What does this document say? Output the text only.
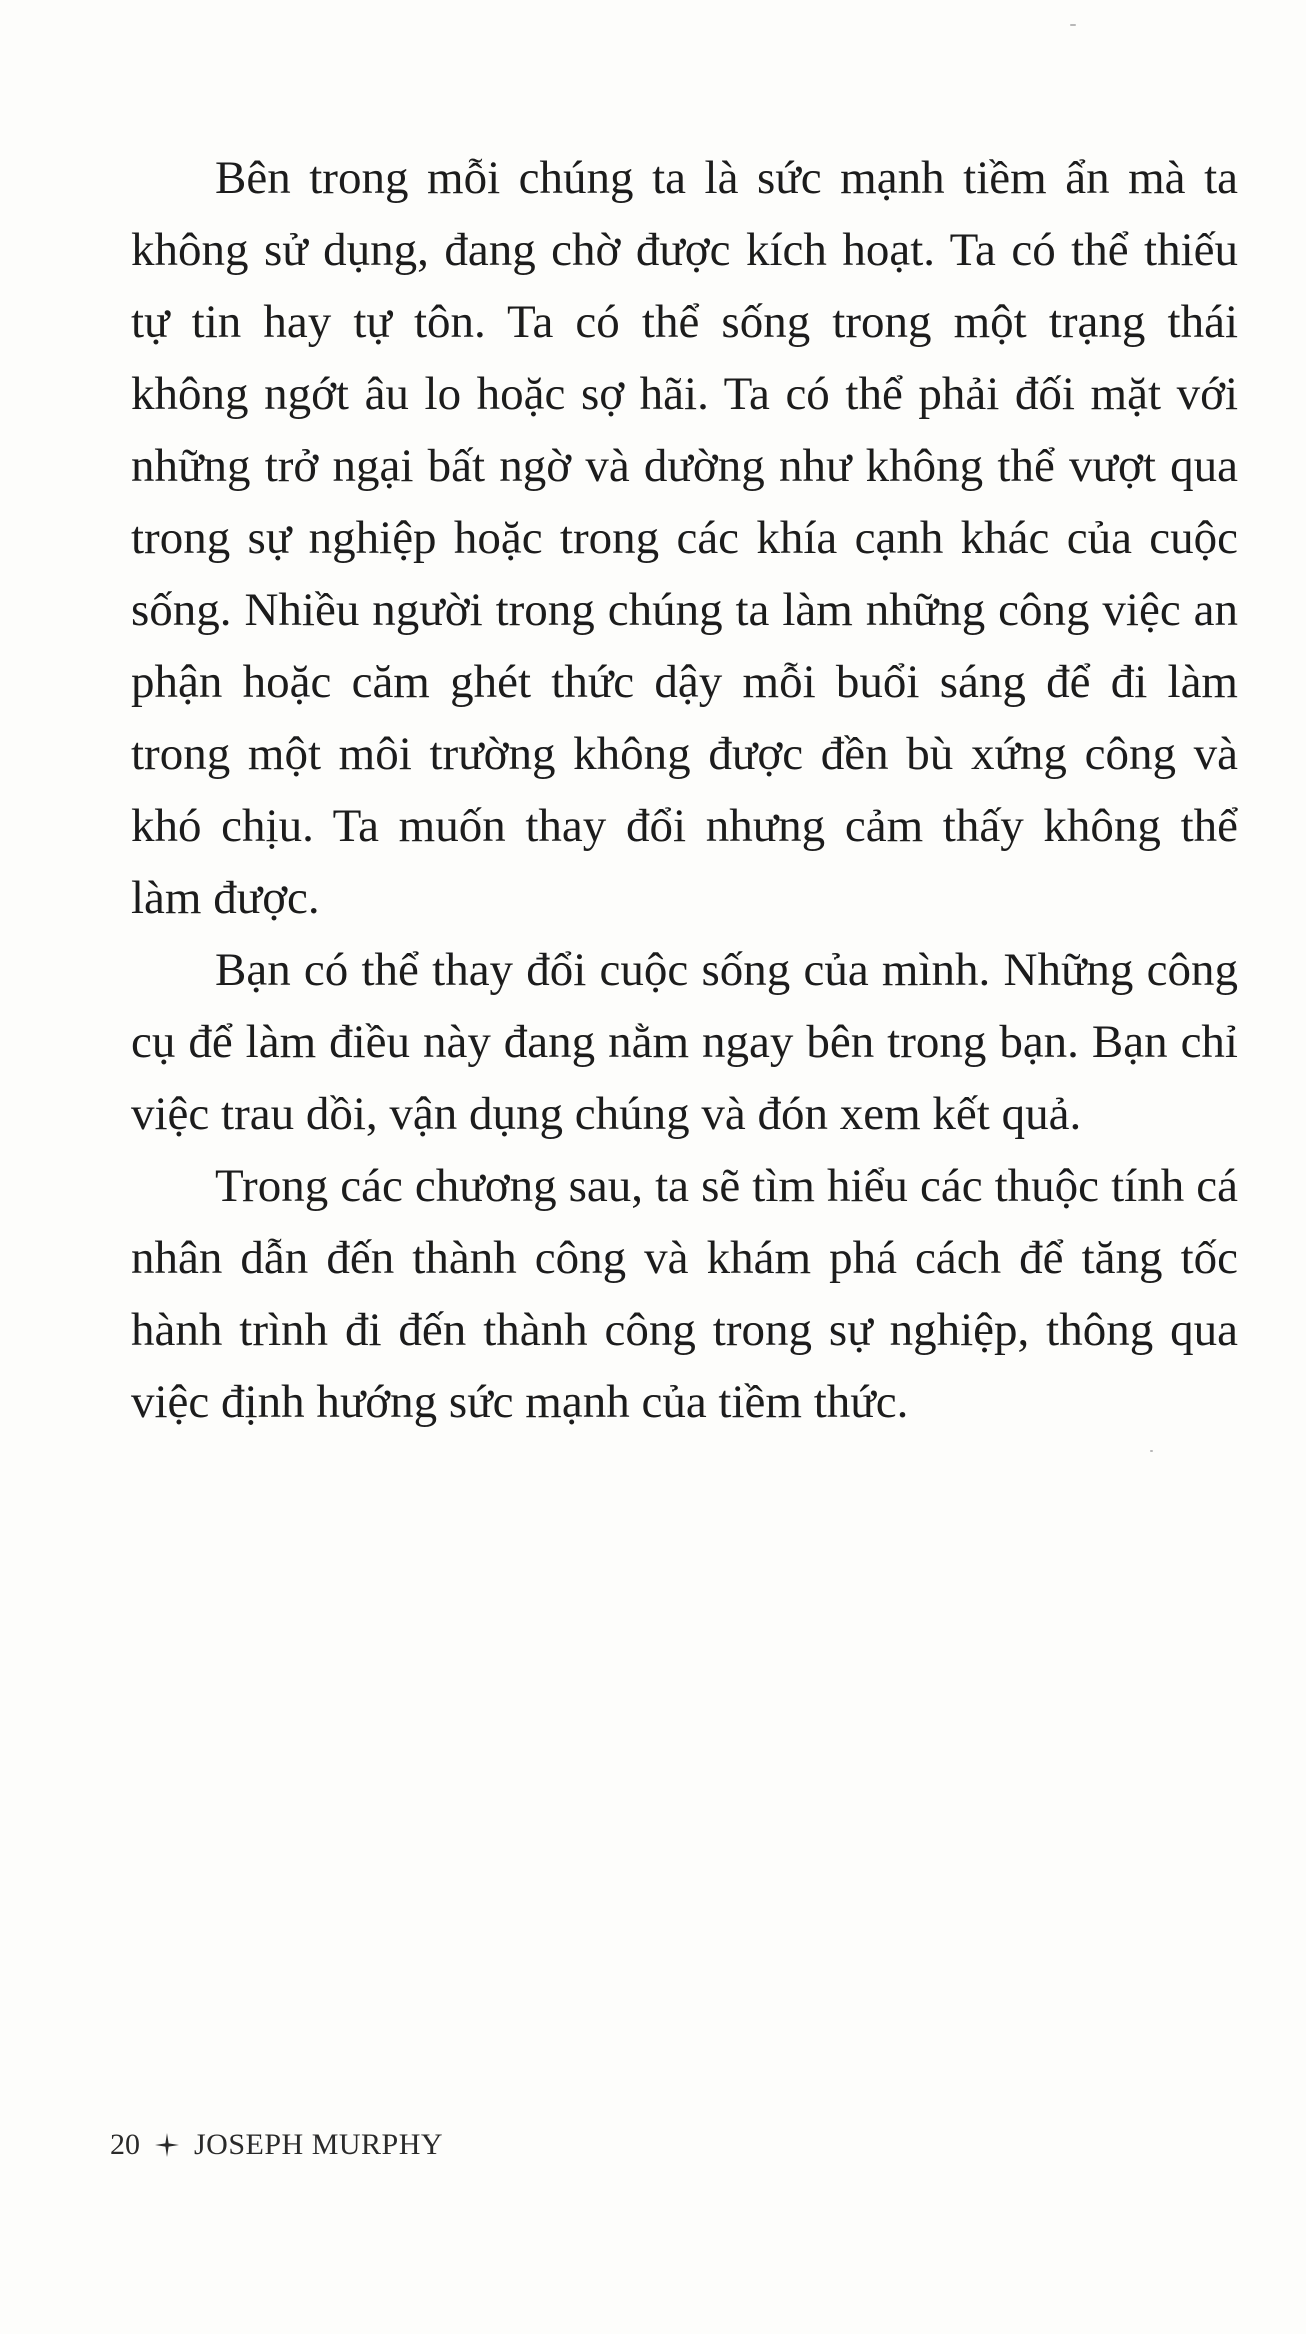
Bên trong mỗi chúng ta là sức mạnh tiềm ẩn mà ta không sử dụng, đang chờ được kích hoạt. Ta có thể thiếu tự tin hay tự tôn. Ta có thể sống trong một trạng thái không ngớt âu lo hoặc sợ hãi. Ta có thể phải đối mặt với những trở ngại bất ngờ và dường như không thể vượt qua trong sự nghiệp hoặc trong các khía cạnh khác của cuộc sống. Nhiều người trong chúng ta làm những công việc an phận hoặc căm ghét thức dậy mỗi buổi sáng để đi làm trong một môi trường không được đền bù xứng công và khó chịu. Ta muốn thay đổi nhưng cảm thấy không thể làm được.

Bạn có thể thay đổi cuộc sống của mình. Những công cụ để làm điều này đang nằm ngay bên trong bạn. Bạn chỉ việc trau dồi, vận dụng chúng và đón xem kết quả.

Trong các chương sau, ta sẽ tìm hiểu các thuộc tính cá nhân dẫn đến thành công và khám phá cách để tăng tốc hành trình đi đến thành công trong sự nghiệp, thông qua việc định hướng sức mạnh của tiềm thức.

20 JOSEPH MURPHY
